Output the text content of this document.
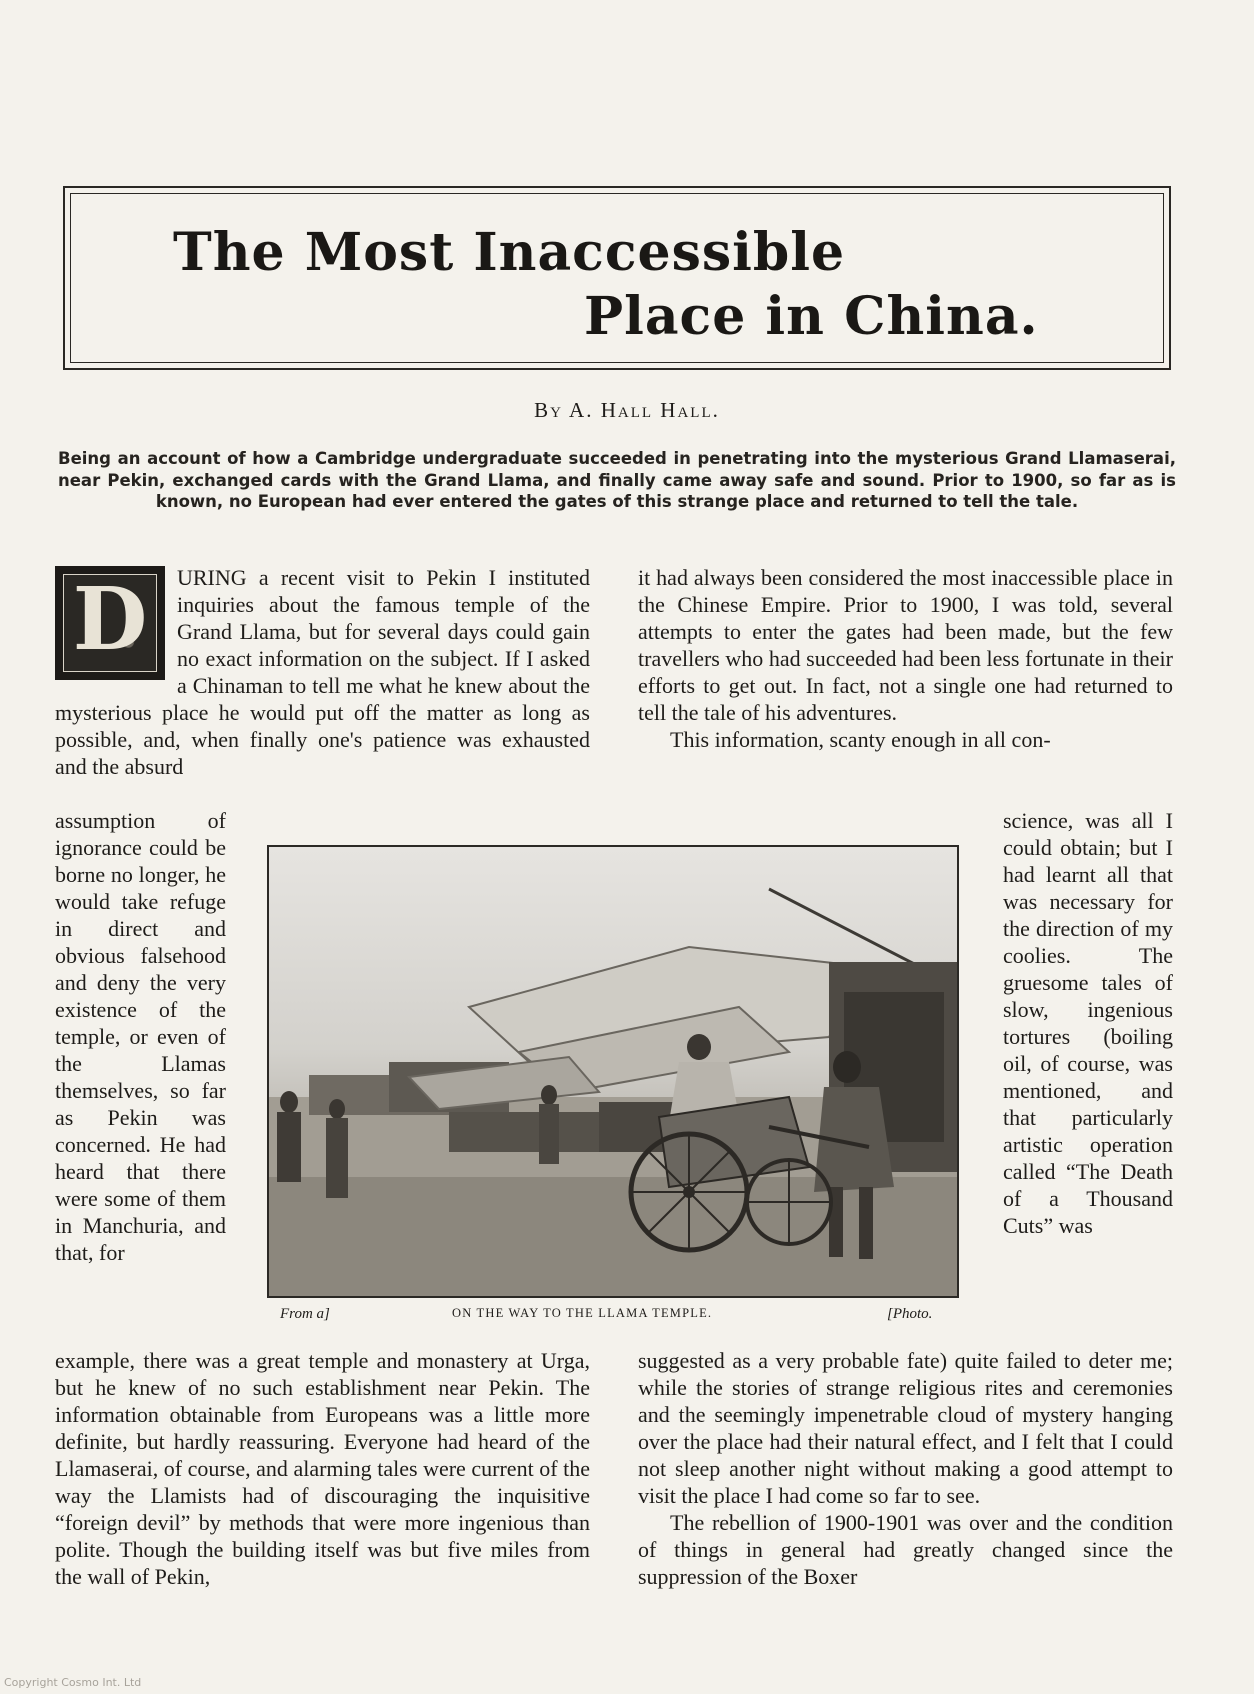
The Most Inaccessible
Place in China.
By A. Hall Hall.
Being an account of how a Cambridge undergraduate succeeded in penetrating into the mysterious Grand Llamaserai, near Pekin, exchanged cards with the Grand Llama, and finally came away safe and sound. Prior to 1900, so far as is known, no European had ever entered the gates of this strange place and returned to tell the tale.
D	URING a recent visit to Pekin I instituted inquiries about the famous temple of the Grand Llama, but for several days could gain no exact information on the subject. If I asked a Chinaman to tell me what he knew about the mysterious place he would put off the matter as long as possible, and, when finally one's patience was exhausted and the absurd

assumption of ignorance could be borne no longer, he would take refuge in direct and obvious falsehood and deny the very existence of the temple, or even of the Llamas themselves, so far as Pekin was concerned. He had heard that there were some of them in Manchuria, and that, for

example, there was a great temple and monastery at Urga, but he knew of no such establishment near Pekin. The information obtainable from Europeans was a little more definite, but hardly reassuring. Everyone had heard of the Llamaserai, of course, and alarming tales were current of the way the Llamists had of discouraging the inquisitive “foreign devil” by methods that were more ingenious than polite. Though the building itself was but five miles from the wall of Pekin,

it had always been considered the most inaccessible place in the Chinese Empire. Prior to 1900, I was told, several attempts to enter the gates had been made, but the few travellers who had succeeded had been less fortunate in their efforts to get out. In fact, not a single one had returned to tell the tale of his adventures.

This information, scanty enough in all con-

science, was all I could obtain; but I had learnt all that was necessary for the direction of my coolies. The gruesome tales of slow, ingenious tortures (boiling oil, of course, was mentioned, and that particularly artistic operation called “The Death of a Thousand Cuts” was

suggested as a very probable fate) quite failed to deter me; while the stories of strange religious rites and ceremonies and the seemingly impenetrable cloud of mystery hanging over the place had their natural effect, and I felt that I could not sleep another night without making a good attempt to visit the place I had come so far to see.

The rebellion of 1900-1901 was over and the condition of things in general had greatly changed since the suppression of the Boxer

From a]	ON THE WAY TO THE LLAMA TEMPLE.	[Photo.
Copyright Cosmo Int. Ltd
